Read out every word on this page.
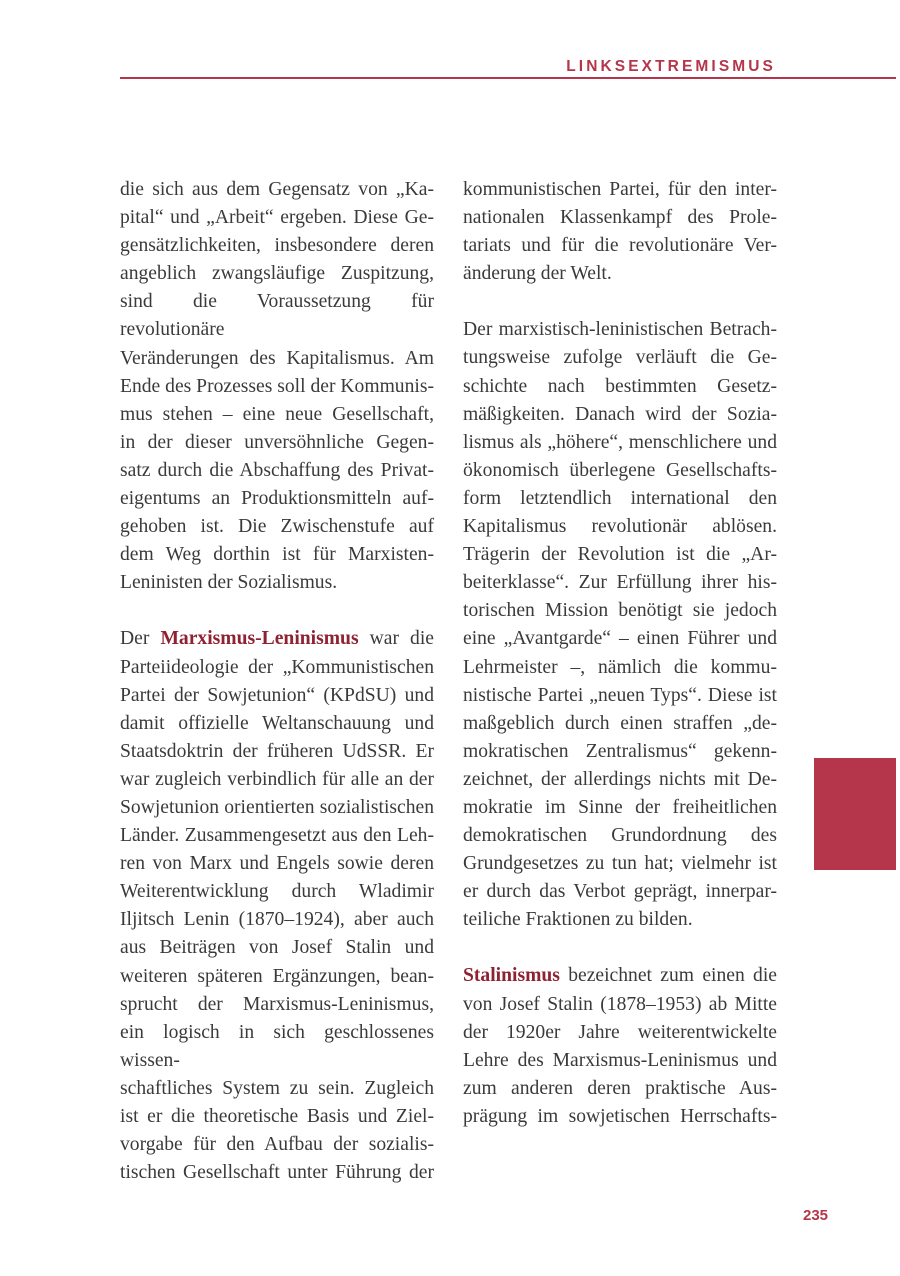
LINKSEXTREMISMUS

die sich aus dem Gegensatz von „Ka-
pital“ und „Arbeit“ ergeben. Diese Ge-
gensätzlichkeiten, insbesondere deren
angeblich zwangsläufige Zuspitzung,
sind die Voraussetzung für revolutionäre
Veränderungen des Kapitalismus. Am
Ende des Prozesses soll der Kommunis-
mus stehen – eine neue Gesellschaft,
in der dieser unversöhnliche Gegen-
satz durch die Abschaffung des Privat-
eigentums an Produktionsmitteln auf-
gehoben ist. Die Zwischenstufe auf
dem Weg dorthin ist für Marxisten-
Leninisten der Sozialismus.

Der Marxismus-Leninismus war die
Parteiideologie der „Kommunistischen
Partei der Sowjetunion“ (KPdSU) und
damit offizielle Weltanschauung und
Staatsdoktrin der früheren UdSSR. Er
war zugleich verbindlich für alle an der
Sowjetunion orientierten sozialistischen
Länder. Zusammengesetzt aus den Leh-
ren von Marx und Engels sowie deren
Weiterentwicklung durch Wladimir
Iljitsch Lenin (1870–1924), aber auch
aus Beiträgen von Josef Stalin und
weiteren späteren Ergänzungen, bean-
sprucht der Marxismus-Leninismus,
ein logisch in sich geschlossenes wissen-
schaftliches System zu sein. Zugleich
ist er die theoretische Basis und Ziel-
vorgabe für den Aufbau der sozialis-
tischen Gesellschaft unter Führung der

kommunistischen Partei, für den inter-
nationalen Klassenkampf des Prole-
tariats und für die revolutionäre Ver-
änderung der Welt.

Der marxistisch-leninistischen Betrach-
tungsweise zufolge verläuft die Ge-
schichte nach bestimmten Gesetz-
mäßigkeiten. Danach wird der Sozia-
lismus als „höhere“, menschlichere und
ökonomisch überlegene Gesellschafts-
form letztendlich international den
Kapitalismus revolutionär ablösen.
Trägerin der Revolution ist die „Ar-
beiterklasse“. Zur Erfüllung ihrer his-
torischen Mission benötigt sie jedoch
eine „Avantgarde“ – einen Führer und
Lehrmeister –, nämlich die kommu-
nistische Partei „neuen Typs“. Diese ist
maßgeblich durch einen straffen „de-
mokratischen Zentralismus“ gekenn-
zeichnet, der allerdings nichts mit De-
mokratie im Sinne der freiheitlichen
demokratischen Grundordnung des
Grundgesetzes zu tun hat; vielmehr ist
er durch das Verbot geprägt, innerpar-
teiliche Fraktionen zu bilden.

Stalinismus bezeichnet zum einen die
von Josef Stalin (1878–1953) ab Mitte
der 1920er Jahre weiterentwickelte
Lehre des Marxismus-Leninismus und
zum anderen deren praktische Aus-
prägung im sowjetischen Herrschafts-

235
